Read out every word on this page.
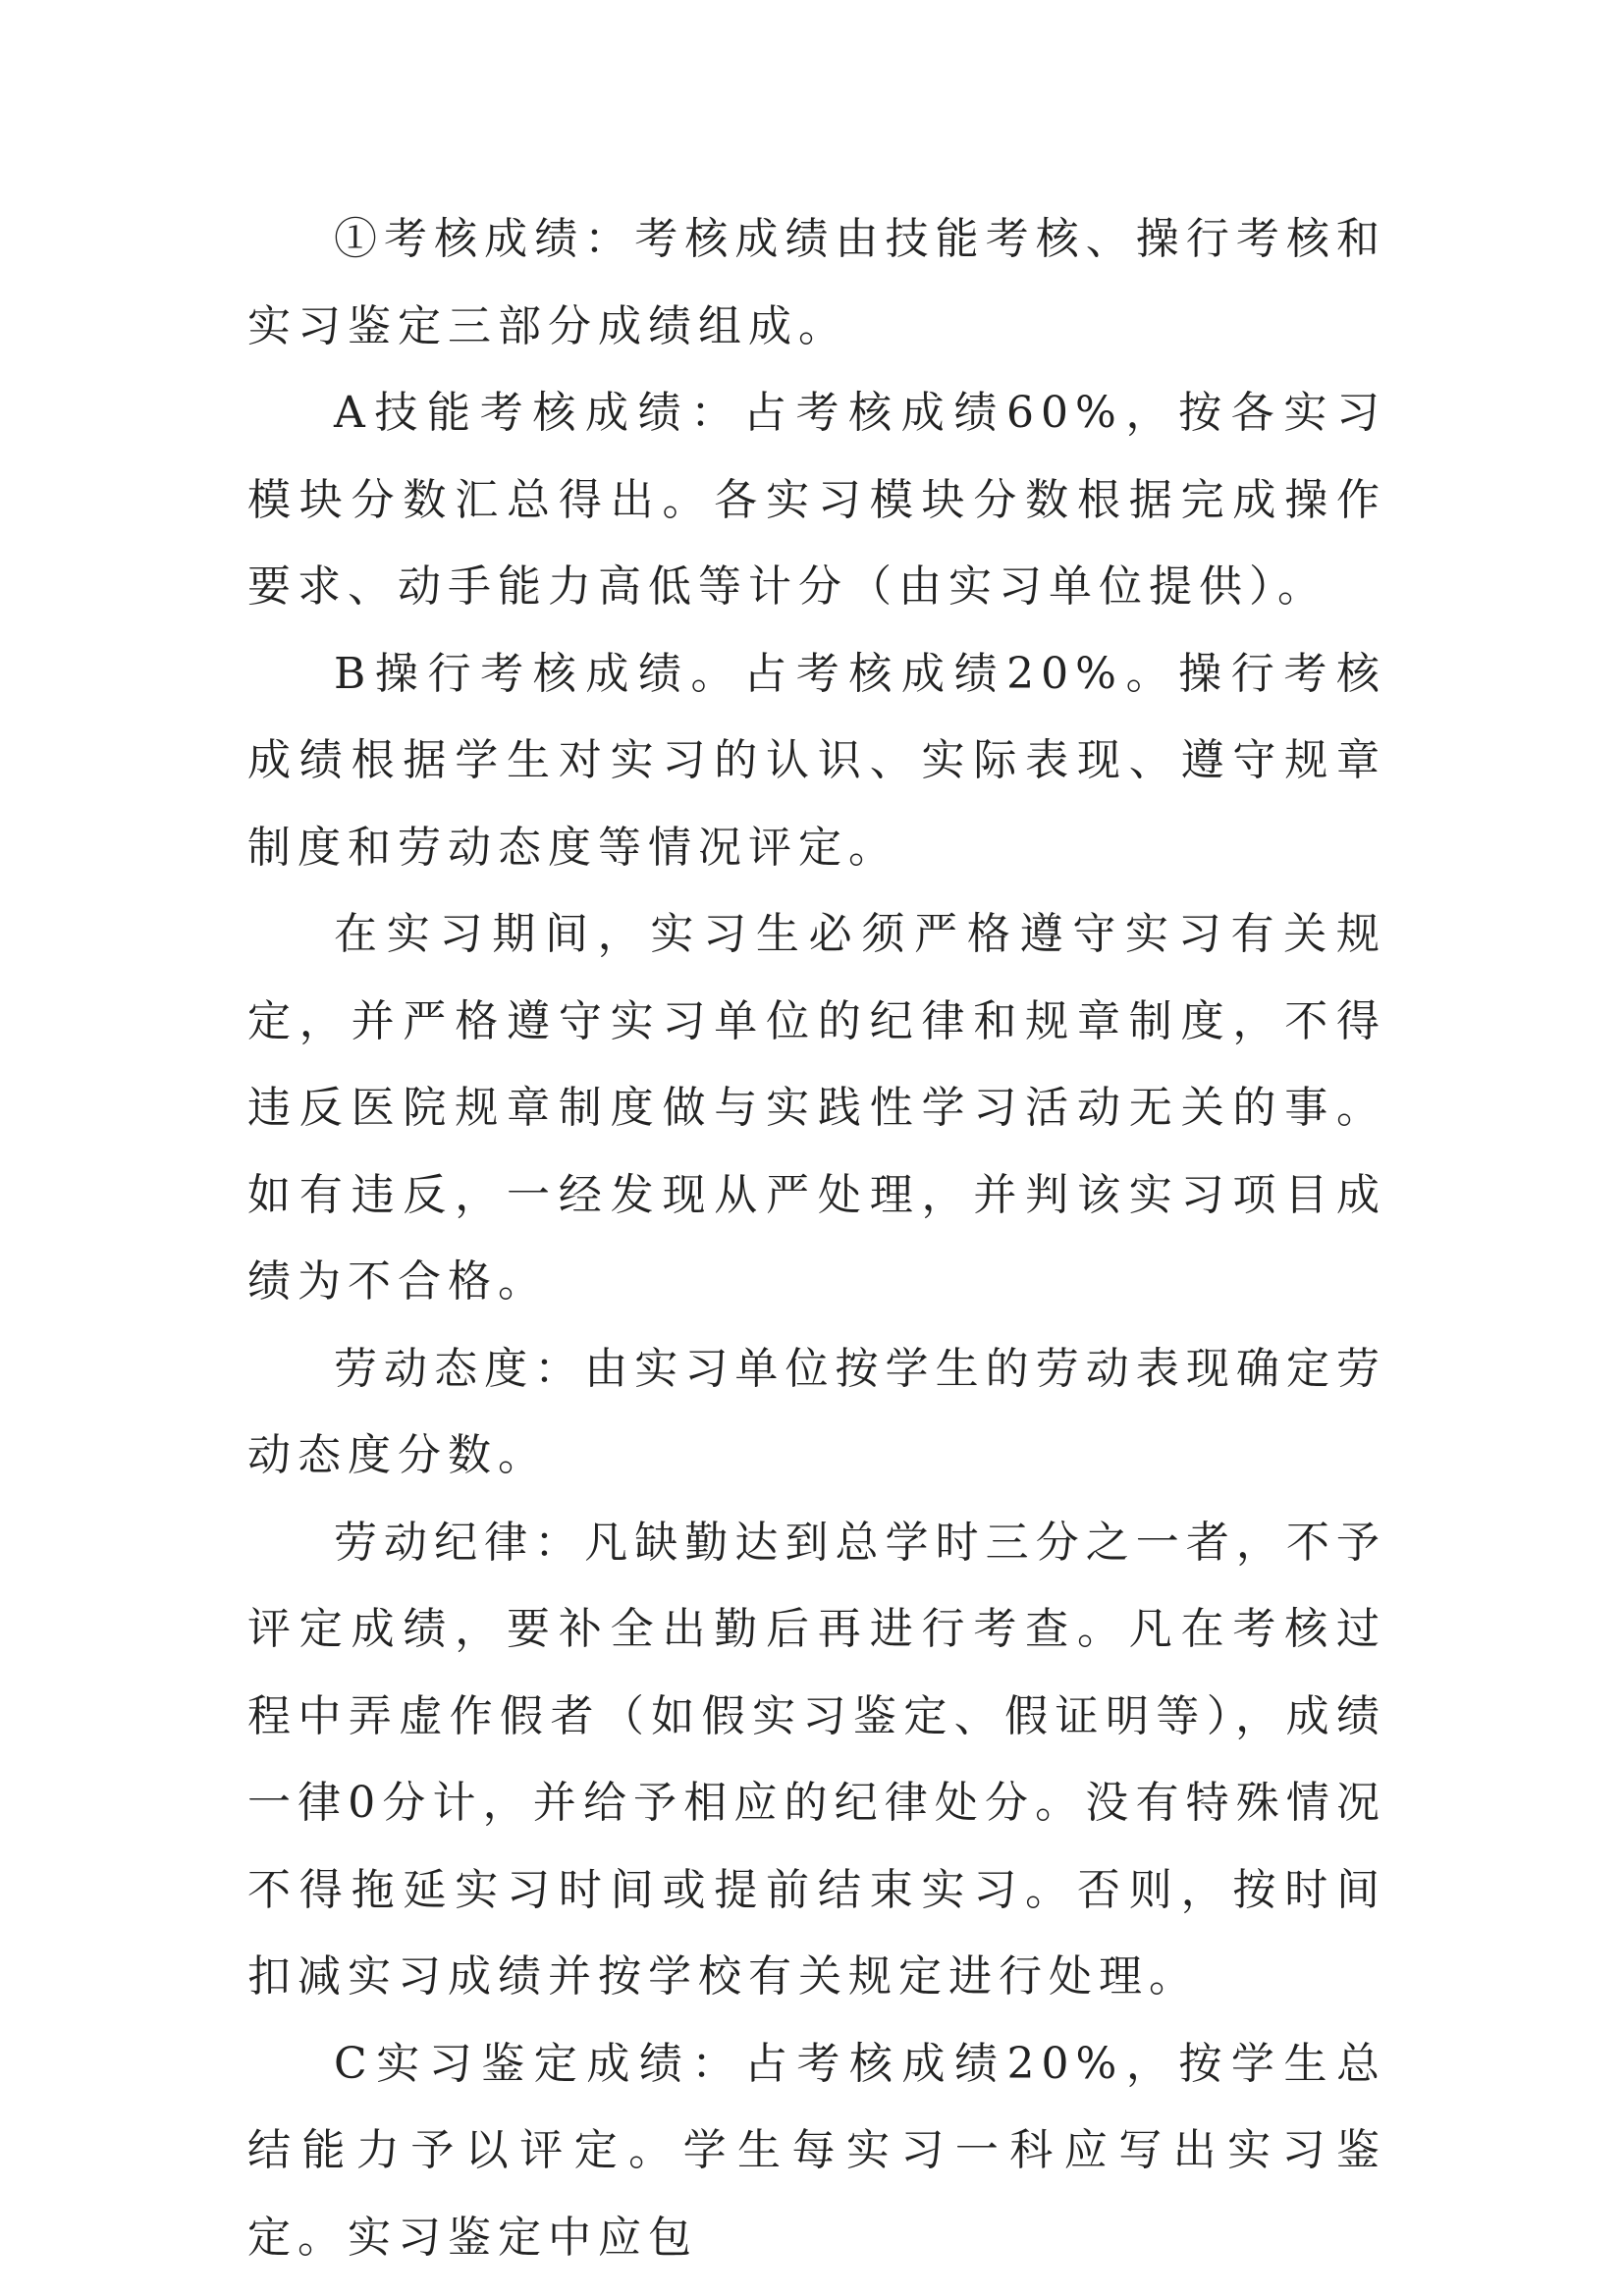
①考核成绩：考核成绩由技能考核、操行考核和实习鉴定三部分成绩组成。

A技能考核成绩：占考核成绩60%，按各实习模块分数汇总得出。各实习模块分数根据完成操作要求、动手能力高低等计分（由实习单位提供）。

B操行考核成绩。占考核成绩20%。操行考核成绩根据学生对实习的认识、实际表现、遵守规章制度和劳动态度等情况评定。

在实习期间，实习生必须严格遵守实习有关规定，并严格遵守实习单位的纪律和规章制度，不得违反医院规章制度做与实践性学习活动无关的事。如有违反，一经发现从严处理，并判该实习项目成绩为不合格。

劳动态度：由实习单位按学生的劳动表现确定劳动态度分数。

劳动纪律：凡缺勤达到总学时三分之一者，不予评定成绩，要补全出勤后再进行考查。凡在考核过程中弄虚作假者（如假实习鉴定、假证明等），成绩一律0分计，并给予相应的纪律处分。没有特殊情况不得拖延实习时间或提前结束实习。否则，按时间扣减实习成绩并按学校有关规定进行处理。

C实习鉴定成绩：占考核成绩20%，按学生总结能力予以评定。学生每实习一科应写出实习鉴定。实习鉴定中应包
